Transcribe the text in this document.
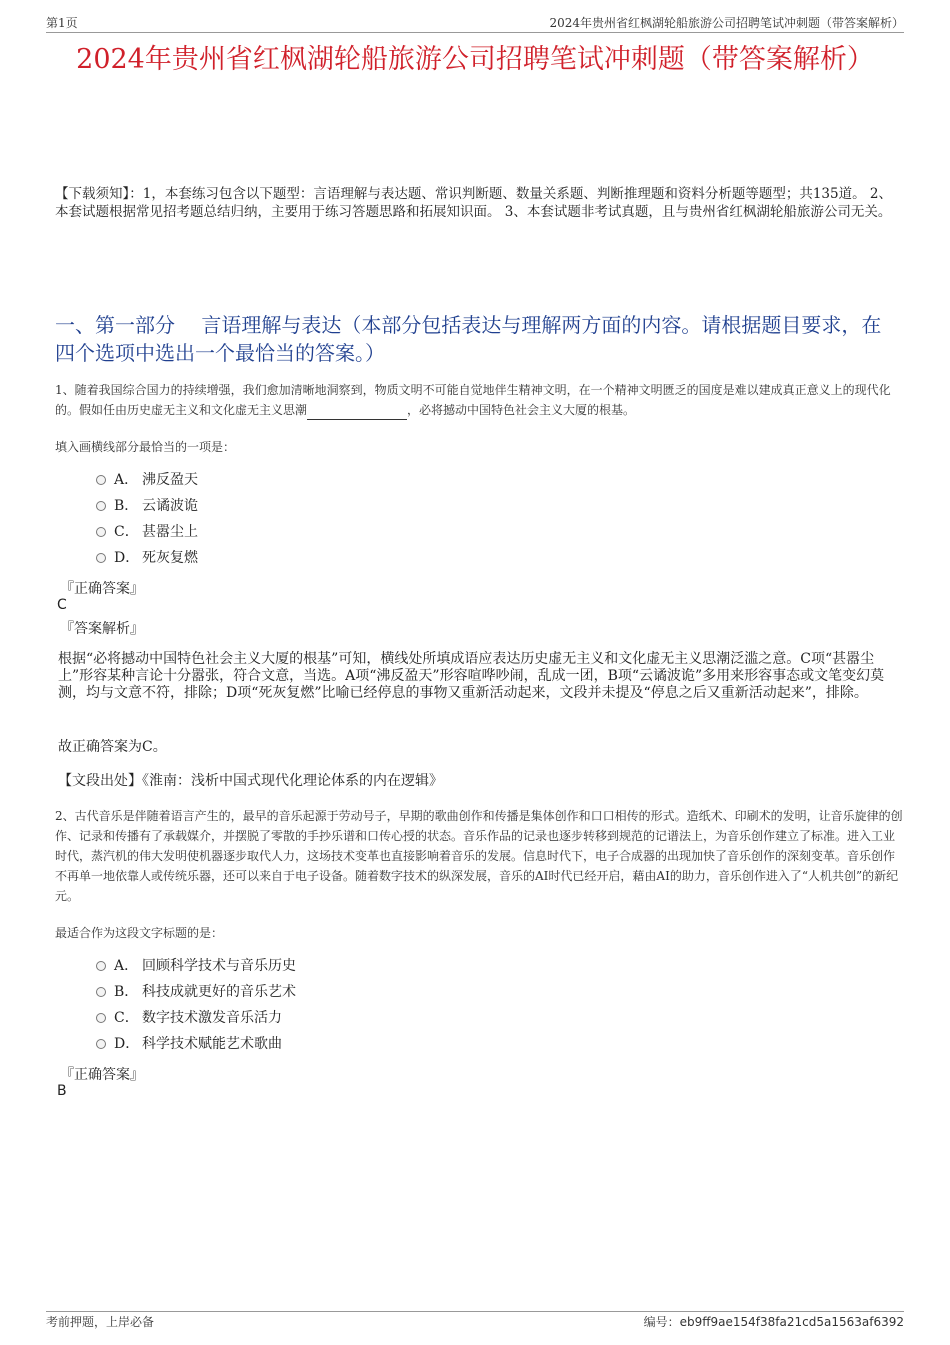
第1页	2024年贵州省红枫湖轮船旅游公司招聘笔试冲刺题（带答案解析）
2024年贵州省红枫湖轮船旅游公司招聘笔试冲刺题（带答案解析）
【下载须知】：1，本套练习包含以下题型：言语理解与表达题、常识判断题、数量关系题、判断推理题和资料分析题等题型；共135道。 2、本套试题根据常见招考题总结归纳，主要用于练习答题思路和拓展知识面。 3、本套试题非考试真题，且与贵州省红枫湖轮船旅游公司无关。
一、第一部分　 言语理解与表达（本部分包括表达与理解两方面的内容。请根据题目要求，在四个选项中选出一个最恰当的答案。）
1、随着我国综合国力的持续增强，我们愈加清晰地洞察到，物质文明不可能自觉地伴生精神文明，在一个精神文明匮乏的国度是难以建成真正意义上的现代化的。假如任由历史虚无主义和文化虚无主义思潮	，必将撼动中国特色社会主义大厦的根基。
填入画横线部分最恰当的一项是：
A． 沸反盈天
B． 云谲波诡
C． 甚嚣尘上
D． 死灰复燃
『正确答案』
C
『答案解析』
根据“必将撼动中国特色社会主义大厦的根基”可知，横线处所填成语应表达历史虚无主义和文化虚无主义思潮泛滥之意。C项“甚嚣尘上”形容某种言论十分嚣张，符合文意，当选。A项“沸反盈天”形容喧哗吵闹，乱成一团，B项“云谲波诡”多用来形容事态或文笔变幻莫测，均与文意不符，排除；D项“死灰复燃”比喻已经停息的事物又重新活动起来，文段并未提及“停息之后又重新活动起来”，排除。
故正确答案为C。
【文段出处】《淮南：浅析中国式现代化理论体系的内在逻辑》
2、古代音乐是伴随着语言产生的，最早的音乐起源于劳动号子，早期的歌曲创作和传播是集体创作和口口相传的形式。造纸术、印刷术的发明，让音乐旋律的创作、记录和传播有了承载媒介，并摆脱了零散的手抄乐谱和口传心授的状态。音乐作品的记录也逐步转移到规范的记谱法上，为音乐创作建立了标准。进入工业时代，蒸汽机的伟大发明使机器逐步取代人力，这场技术变革也直接影响着音乐的发展。信息时代下，电子合成器的出现加快了音乐创作的深刻变革。音乐创作不再单一地依靠人或传统乐器，还可以来自于电子设备。随着数字技术的纵深发展，音乐的AI时代已经开启，藉由AI的助力，音乐创作进入了“人机共创”的新纪元。
最适合作为这段文字标题的是：
A． 回顾科学技术与音乐历史
B． 科技成就更好的音乐艺术
C． 数字技术激发音乐活力
D． 科学技术赋能艺术歌曲
『正确答案』
B
考前押题，上岸必备	编号：eb9ff9ae154f38fa21cd5a1563af6392
